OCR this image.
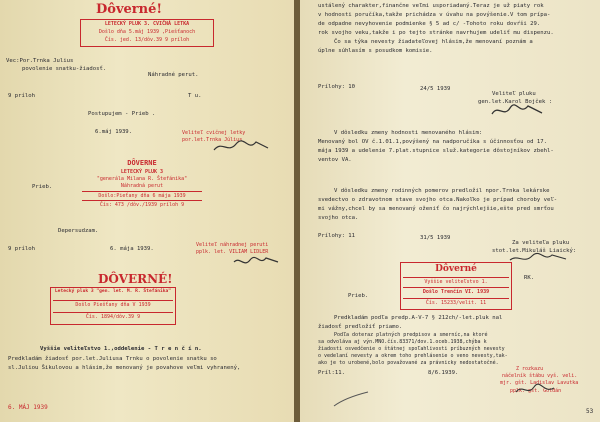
Dôverné!
LETECKÝ PLUK 3. CVIČNÁ LETKA
Došlo dňa 5.máj 1939 ,Piešťanoch
Čís. jed. 13/dôv.39 9 príloh
Vec:Por.Trnka Julius
povolenie snatku-žiadosť.
Náhradné perut.
9 príloh	T u.
Postupujem - Prieb .
6.máj 1939.	Veliteľ cvičnej letky
por.let.Trnka Július
DÔVERNE
LETECKÝ PLUK 3
"generála Milana R. Štefánika"
Náhradná perut
Došlo:Pieťany dňa 6 mája 1939
Čís: 473 /dôv./1939 príloh 9
Prieb.
Depersudzam.
9 príloh	6. mája 1939.
Veliteľ náhradnej peruti
pplk. let. VILIAM LIDLER
DÔVERNÉ!
Letecký pluk 3 "gen. let. M. R. Štefánika"
Došlo Piešťany dňa V 1939
Čís. 1894/dôv.39 9
Vyššie veliteľstvo 1.,oddelenie - T r e n č í n.
Predkladám žiadosť por.let.Juliusa Trnku o povolenie snatku so
sl.Juliou Šikulovou a hlásim,že menovaný je povahove veľmi vyhranený,
6. MÁJ 1939
ustálený charakter,finančne veľmi usporiadaný.Teraz je už piaty rok
v hodnosti poručíka,takže prichádza v úvahu na povýšenie.V tom prípa-
de odpadne nevyhovenie podmienke § 5 ad c/ -Tohoto roku dovŕši 29.
rok svojho veku,takže i po tejto stránke navrhujem udeliť mu dispenzu.
Čo sa týka nevesty žiadateľovej hlásim,že menovaní poznám a
úplne súhlasím s posudkom komisie.
Prílohy: 10	24/5 1939
Veliteľ pluku
gen.let.Karol Bojček :
V dôsledku zmeny hodnosti menovaného hlásim:
Menovaný bol OV č.1.01.1,povýšený na nadporučíka s účinnosťou od 17.
mája 1939 a udelenie 7.plat.stupnice služ.kategorie dôstojníkov zbehl-
ventov VA.
V dôsledku zmeny rodinných pomerov predložil npor.Trnka lekárske
svedectvo o zdravotnom stave svojho otca.Nakoľko je prípad choroby veľ-
mi vážny,chcel by sa menovaný oženiť čo najrýchlejšie,ešte pred smrťou
svojho otca.
Prílohy: 11	31/5 1939
Za veliteľa pluku
stot.let.Mikuláš Liaický:
Dôverné
Vyššie veliteľstvo 1.
Došlo Trenčín VI. 1939
Čís. 15233/velit. 11
RK.
Prieb.
Predkladám podľa predp.A-V-7 § 212ch/-let.pluk nal
žiadosť predložiť priamo.
Podľa doteraz platných predpisov a smerníc,na ktoré
sa odvoláva aj výn.MNO.čís.83371/dov.1.oceb.1938,chýba k
žiadosti osvedčenie o štátnej spoľahlivosti príbuzných nevesty
o vedelaní nevesty a okrem toho prehlásenie o veno nevesty,tak-
ako je to urobené,bolo považované za právnicky nedostatočné.
Príl:11.	8/6.1939.
Z rozkazu
náčelník štábu vyš. veli.
mjr. gšt. Ladislav Lavutka
pplk. gšt. Goldán
53
